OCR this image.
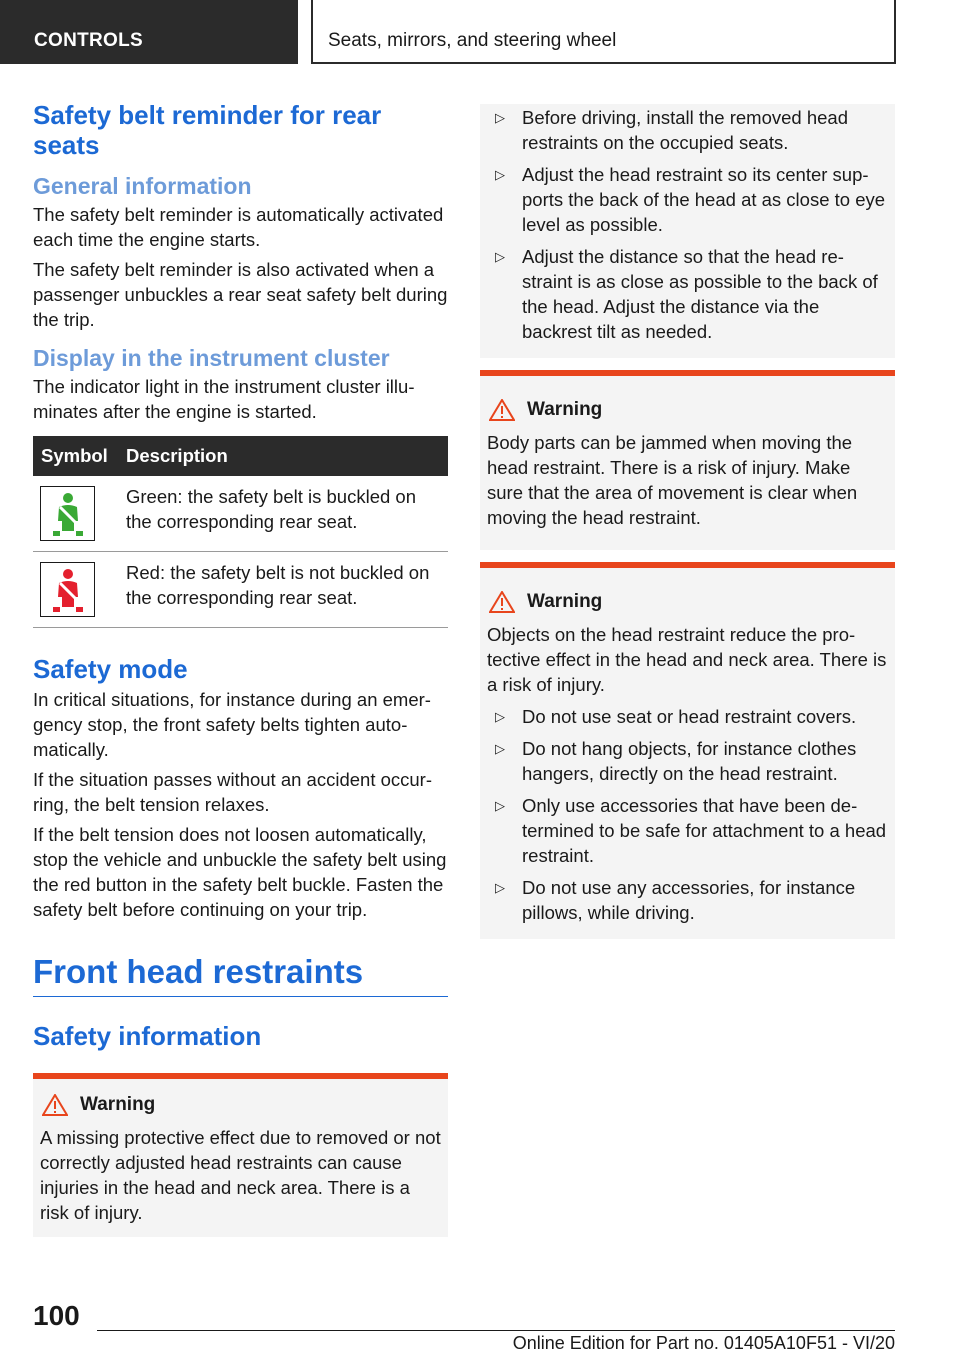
CONTROLS	Seats, mirrors, and steering wheel
Safety belt reminder for rear seats
General information

The safety belt reminder is automatically activated each time the engine starts.

The safety belt reminder is also activated when a passenger unbuckles a rear seat safety belt during the trip.

Display in the instrument cluster

The indicator light in the instrument cluster illuminates after the engine is started.

Symbol Description
Green: the safety belt is buckled on the corresponding rear seat.
Red: the safety belt is not buckled on the corresponding rear seat.
Safety mode

In critical situations, for instance during an emergency stop, the front safety belts tighten automatically.

If the situation passes without an accident occurring, the belt tension relaxes.

If the belt tension does not loosen automatically, stop the vehicle and unbuckle the safety belt using the red button in the safety belt buckle. Fasten the safety belt before continuing on your trip.

Front head restraints
Safety information
Warning

A missing protective effect due to removed or not correctly adjusted head restraints can cause injuries in the head and neck area. There is a risk of injury.

▷ Before driving, install the removed head restraints on the occupied seats.
▷ Adjust the head restraint so its center supports the back of the head at as close to eye level as possible.
▷ Adjust the distance so that the head restraint is as close as possible to the back of the head. Adjust the distance via the backrest tilt as needed.
Warning

Body parts can be jammed when moving the head restraint. There is a risk of injury. Make sure that the area of movement is clear when moving the head restraint.

Warning

Objects on the head restraint reduce the protective effect in the head and neck area. There is a risk of injury.

▷ Do not use seat or head restraint covers.
▷ Do not hang objects, for instance clothes hangers, directly on the head restraint.
▷ Only use accessories that have been determined to be safe for attachment to a head restraint.
▷ Do not use any accessories, for instance pillows, while driving.
100
Online Edition for Part no. 01405A10F51 - VI/20
